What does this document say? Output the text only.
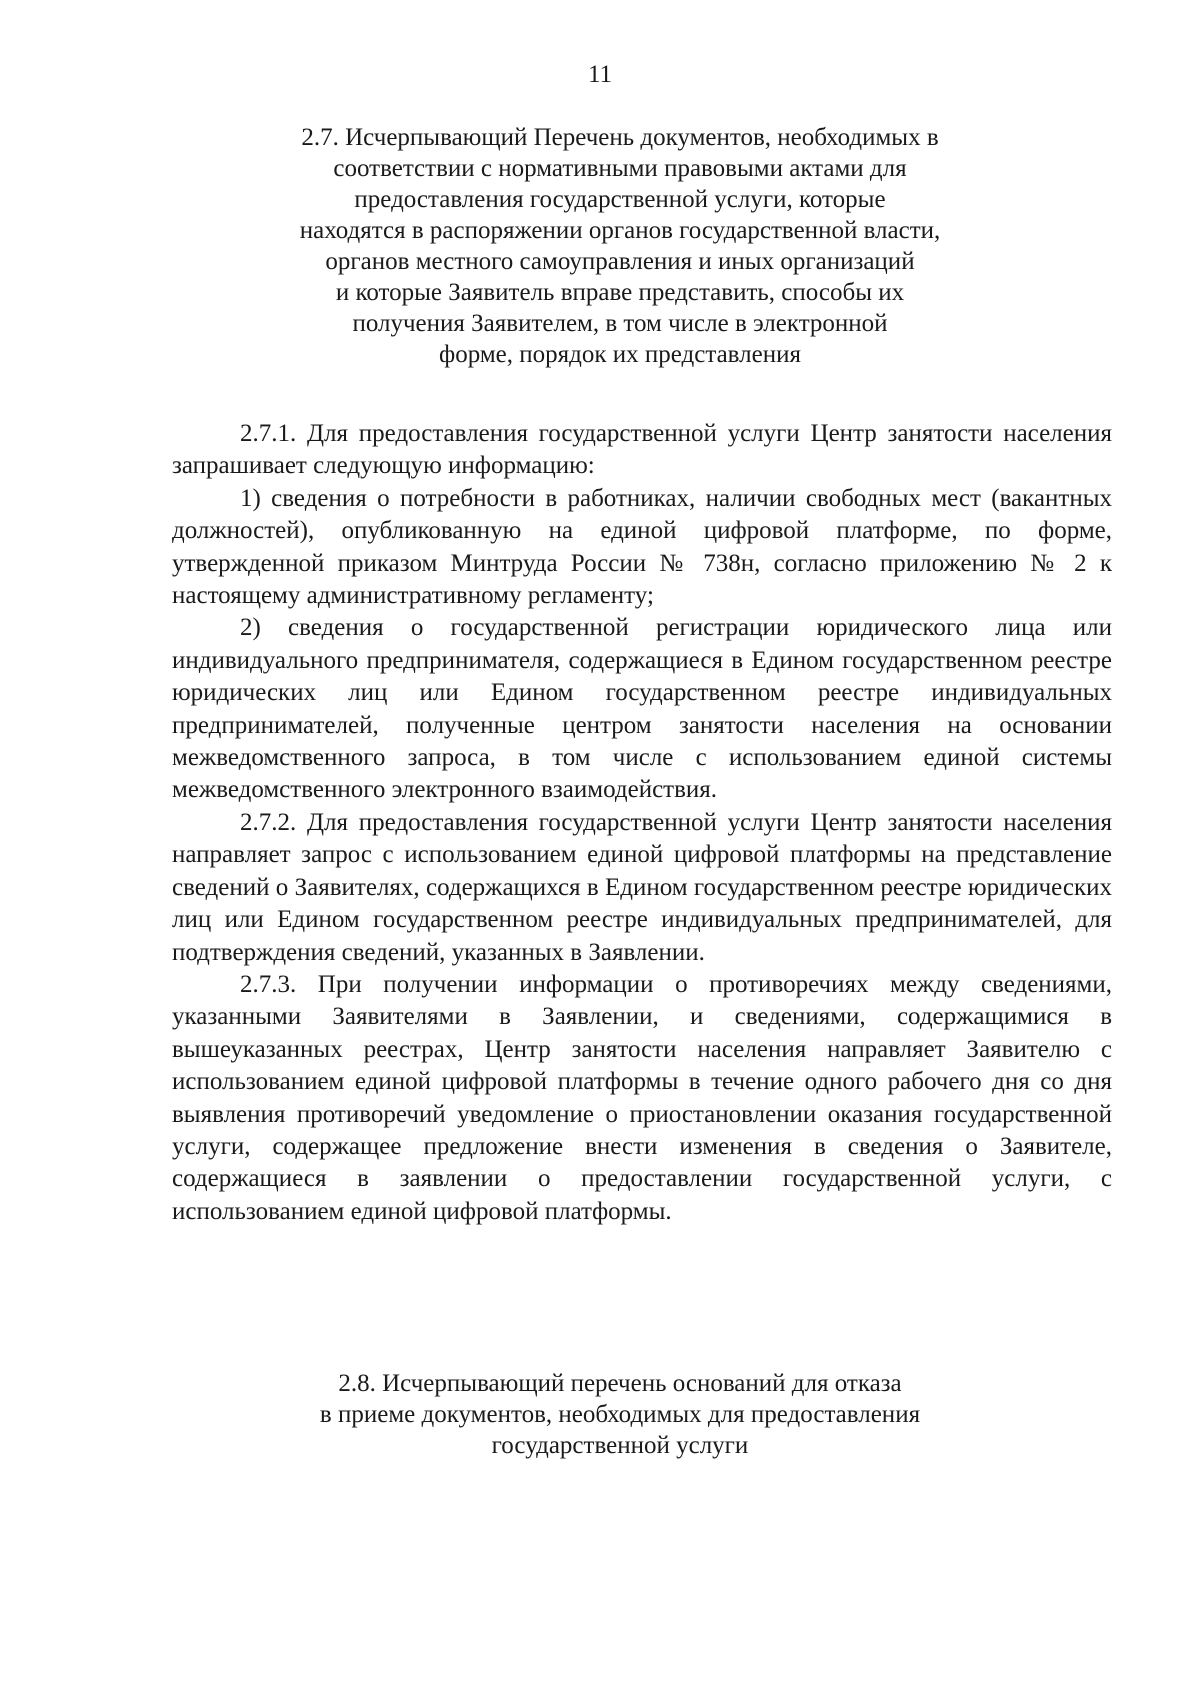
11
2.7. Исчерпывающий Перечень документов, необходимых в
соответствии с нормативными правовыми актами для
предоставления государственной услуги, которые
находятся в распоряжении органов государственной власти,
органов местного самоуправления и иных организаций
и которые Заявитель вправе представить, способы их
получения Заявителем, в том числе в электронной
форме, порядок их представления

2.7.1. Для предоставления государственной услуги Центр занятости населения запрашивает следующую информацию:

1) сведения о потребности в работниках, наличии свободных мест (вакантных должностей), опубликованную на единой цифровой платформе, по форме, утвержденной приказом Минтруда России № 738н, согласно приложению № 2 к настоящему административному регламенту;

2) сведения о государственной регистрации юридического лица или индивидуального предпринимателя, содержащиеся в Едином государственном реестре юридических лиц или Едином государственном реестре индивидуальных предпринимателей, полученные центром занятости населения на основании межведомственного запроса, в том числе с использованием единой системы межведомственного электронного взаимодействия.

2.7.2. Для предоставления государственной услуги Центр занятости населения направляет запрос с использованием единой цифровой платформы на представление сведений о Заявителях, содержащихся в Едином государственном реестре юридических лиц или Едином государственном реестре индивидуальных предпринимателей, для подтверждения сведений, указанных в Заявлении.

2.7.3. При получении информации о противоречиях между сведениями, указанными Заявителями в Заявлении, и сведениями, содержащимися в вышеуказанных реестрах, Центр занятости населения направляет Заявителю с использованием единой цифровой платформы в течение одного рабочего дня со дня выявления противоречий уведомление о приостановлении оказания государственной услуги, содержащее предложение внести изменения в сведения о Заявителе, содержащиеся в заявлении о предоставлении государственной услуги, с использованием единой цифровой платформы.

2.8. Исчерпывающий перечень оснований для отказа
в приеме документов, необходимых для предоставления
государственной услуги
